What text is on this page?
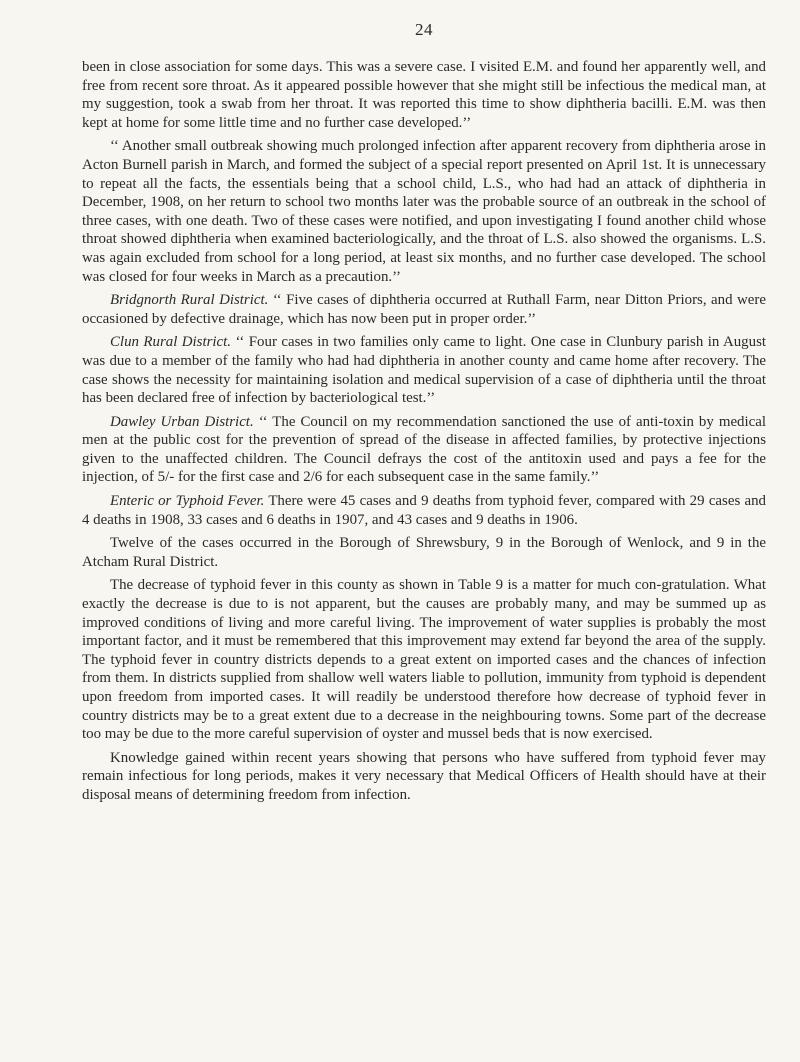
24

been in close association for some days. This was a severe case. I visited E.M. and found her apparently well, and free from recent sore throat. As it appeared possible however that she might still be infectious the medical man, at my suggestion, took a swab from her throat. It was reported this time to show diphtheria bacilli. E.M. was then kept at home for some little time and no further case developed.’’

‘‘ Another small outbreak showing much prolonged infection after apparent recovery from diphtheria arose in Acton Burnell parish in March, and formed the subject of a special report presented on April 1st. It is unnecessary to repeat all the facts, the essentials being that a school child, L.S., who had had an attack of diphtheria in December, 1908, on her return to school two months later was the probable source of an outbreak in the school of three cases, with one death. Two of these cases were notified, and upon investigating I found another child whose throat showed diphtheria when examined bacteriologically, and the throat of L.S. also showed the organisms. L.S. was again excluded from school for a long period, at least six months, and no further case developed. The school was closed for four weeks in March as a precaution.’’

Bridgnorth Rural District. ‘‘ Five cases of diphtheria occurred at Ruthall Farm, near Ditton Priors, and were occasioned by defective drainage, which has now been put in proper order.’’

Clun Rural District. ‘‘ Four cases in two families only came to light. One case in Clunbury parish in August was due to a member of the family who had had diphtheria in another county and came home after recovery. The case shows the necessity for maintaining isolation and medical supervision of a case of diphtheria until the throat has been declared free of infection by bacteriological test.’’

Dawley Urban District. ‘‘ The Council on my recommendation sanctioned the use of anti-toxin by medical men at the public cost for the prevention of spread of the disease in affected families, by protective injections given to the unaffected children. The Council defrays the cost of the antitoxin used and pays a fee for the injection, of 5/- for the first case and 2/6 for each subsequent case in the same family.’’

Enteric or Typhoid Fever. There were 45 cases and 9 deaths from typhoid fever, compared with 29 cases and 4 deaths in 1908, 33 cases and 6 deaths in 1907, and 43 cases and 9 deaths in 1906.

Twelve of the cases occurred in the Borough of Shrewsbury, 9 in the Borough of Wenlock, and 9 in the Atcham Rural District.

The decrease of typhoid fever in this county as shown in Table 9 is a matter for much con-gratulation. What exactly the decrease is due to is not apparent, but the causes are probably many, and may be summed up as improved conditions of living and more careful living. The improvement of water supplies is probably the most important factor, and it must be remembered that this improvement may extend far beyond the area of the supply. The typhoid fever in country districts depends to a great extent on imported cases and the chances of infection from them. In districts supplied from shallow well waters liable to pollution, immunity from typhoid is dependent upon freedom from imported cases. It will readily be understood therefore how decrease of typhoid fever in country districts may be to a great extent due to a decrease in the neighbouring towns. Some part of the decrease too may be due to the more careful supervision of oyster and mussel beds that is now exercised.

Knowledge gained within recent years showing that persons who have suffered from typhoid fever may remain infectious for long periods, makes it very necessary that Medical Officers of Health should have at their disposal means of determining freedom from infection.
